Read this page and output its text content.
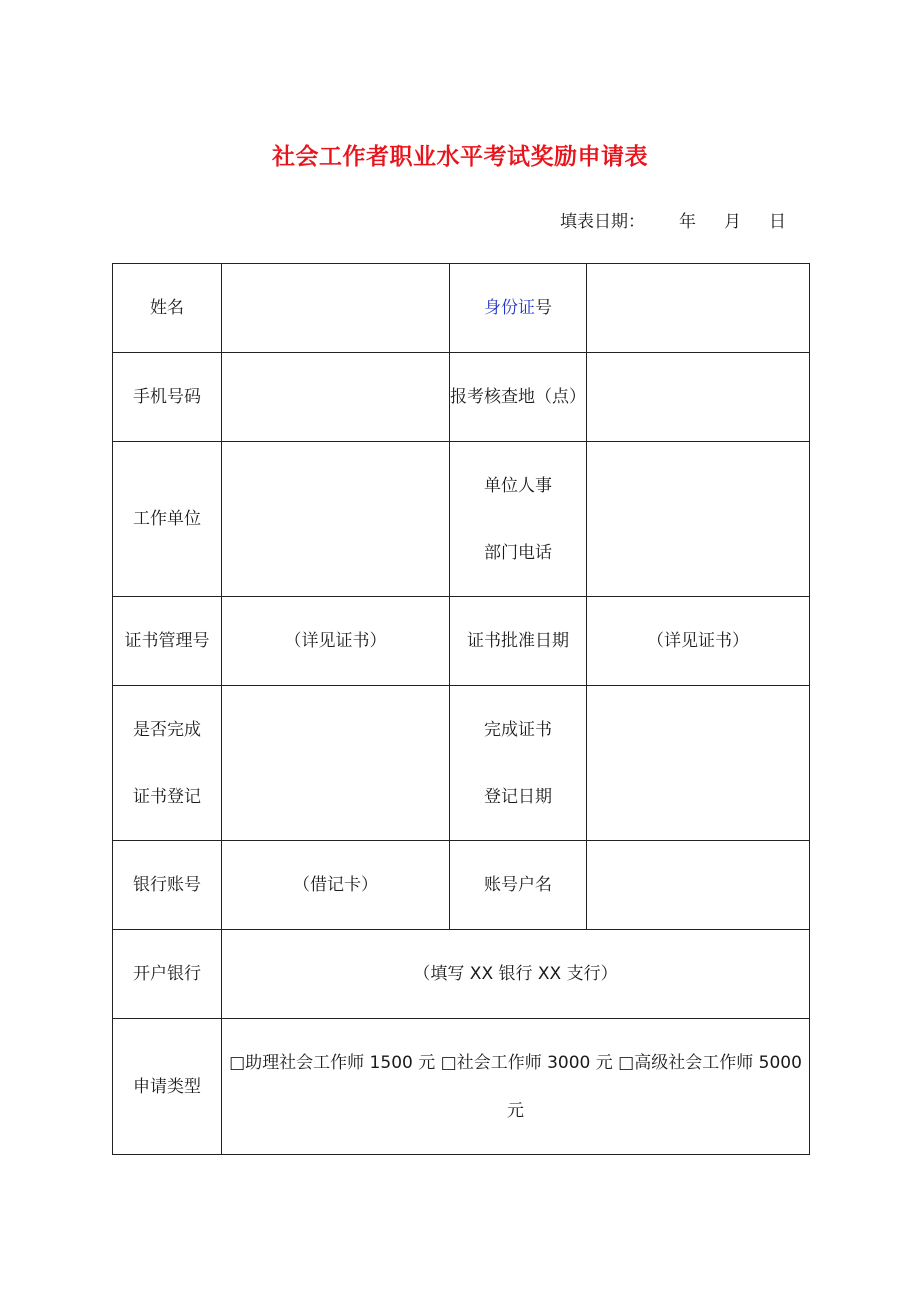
社会工作者职业水平考试奖励申请表
填表日期： 年 月 日
姓名		身份证号	
手机号码		报考核查地（点）	
工作单位		单位人事
部门电话	

证书管理号	（详见证书）	证书批准日期	（详见证书）

是否完成
证书登记		完成证书
登记日期	

银行账号	（借记卡）	账号户名	
开户银行	（填写 XX 银行 XX 支行）		
申请类型	□助理社会工作师 1500 元 □社会工作师 3000 元 □高级社会工作师 5000 元		
